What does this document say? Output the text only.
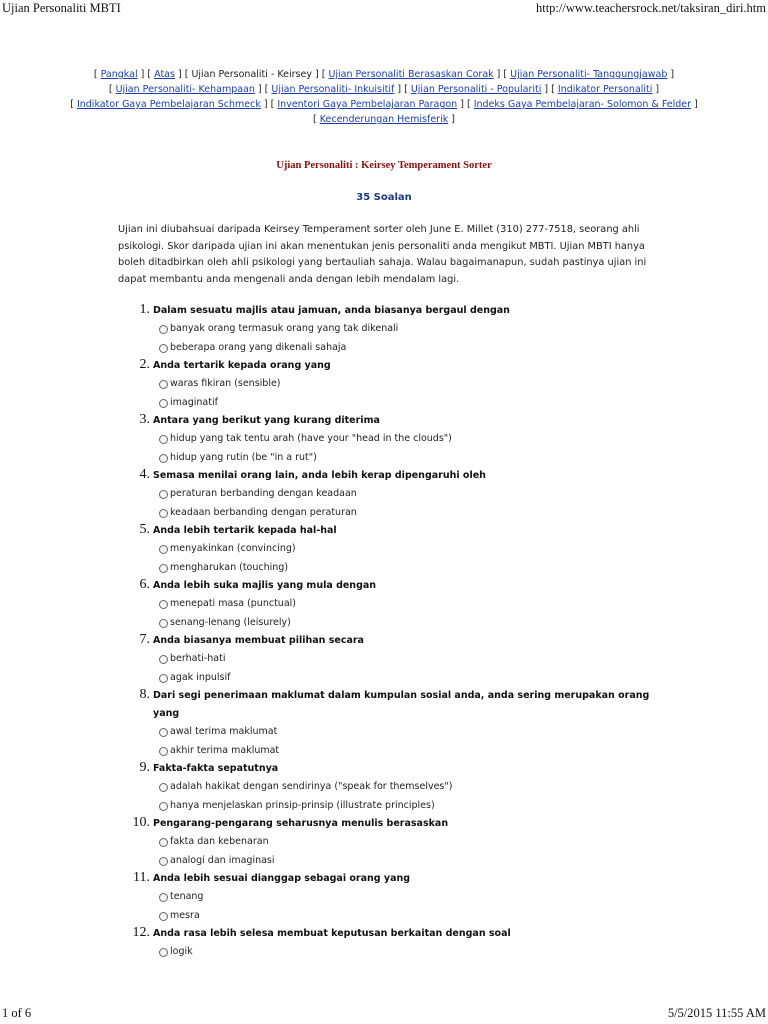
Ujian Personaliti MBTI	http://www.teachersrock.net/taksiran_diri.htm
[ Pangkal ] [ Atas ] [ Ujian Personaliti - Keirsey ] [ Ujian Personaliti Berasaskan Corak ] [ Ujian Personaliti- Tanggungjawab ]
[ Ujian Personaliti- Kehampaan ] [ Ujian Personaliti- Inkuisitif ] [ Ujian Personaliti - Populariti ] [ Indikator Personaliti ]
[ Indikator Gaya Pembelajaran Schmeck ] [ Inventori Gaya Pembelajaran Paragon ] [ Indeks Gaya Pembelajaran- Solomon & Felder ]
[ Kecenderungan Hemisferik ]
Ujian Personaliti : Keirsey Temperament Sorter
35 Soalan
Ujian ini diubahsuai daripada Keirsey Temperament sorter oleh June E. Millet (310) 277-7518, seorang ahli psikologi. Skor daripada ujian ini akan menentukan jenis personaliti anda mengikut MBTI. Ujian MBTI hanya boleh ditadbirkan oleh ahli psikologi yang bertauliah sahaja. Walau bagaimanapun, sudah pastinya ujian ini dapat membantu anda mengenali anda dengan lebih mendalam lagi.
1. Dalam sesuatu majlis atau jamuan, anda biasanya bergaul dengan
banyak orang termasuk orang yang tak dikenali
beberapa orang yang dikenali sahaja
2. Anda tertarik kepada orang yang
waras fikiran (sensible)
imaginatif
3. Antara yang berikut yang kurang diterima
hidup yang tak tentu arah (have your "head in the clouds")
hidup yang rutin (be "in a rut")
4. Semasa menilai orang lain, anda lebih kerap dipengaruhi oleh
peraturan berbanding dengan keadaan
keadaan berbanding dengan peraturan
5. Anda lebih tertarik kepada hal-hal
menyakinkan (convincing)
mengharukan (touching)
6. Anda lebih suka majlis yang mula dengan
menepati masa (punctual)
senang-lenang (leisurely)
7. Anda biasanya membuat pilihan secara
berhati-hati
agak inpulsif
8. Dari segi penerimaan maklumat dalam kumpulan sosial anda, anda sering merupakan orang yang
awal terima maklumat
akhir terima maklumat
9. Fakta-fakta sepatutnya
adalah hakikat dengan sendirinya ("speak for themselves")
hanya menjelaskan prinsip-prinsip (illustrate principles)
10. Pengarang-pengarang seharusnya menulis berasaskan
fakta dan kebenaran
analogi dan imaginasi
11. Anda lebih sesuai dianggap sebagai orang yang
tenang
mesra
12. Anda rasa lebih selesa membuat keputusan berkaitan dengan soal
logik
1 of 6	5/5/2015 11:55 AM
